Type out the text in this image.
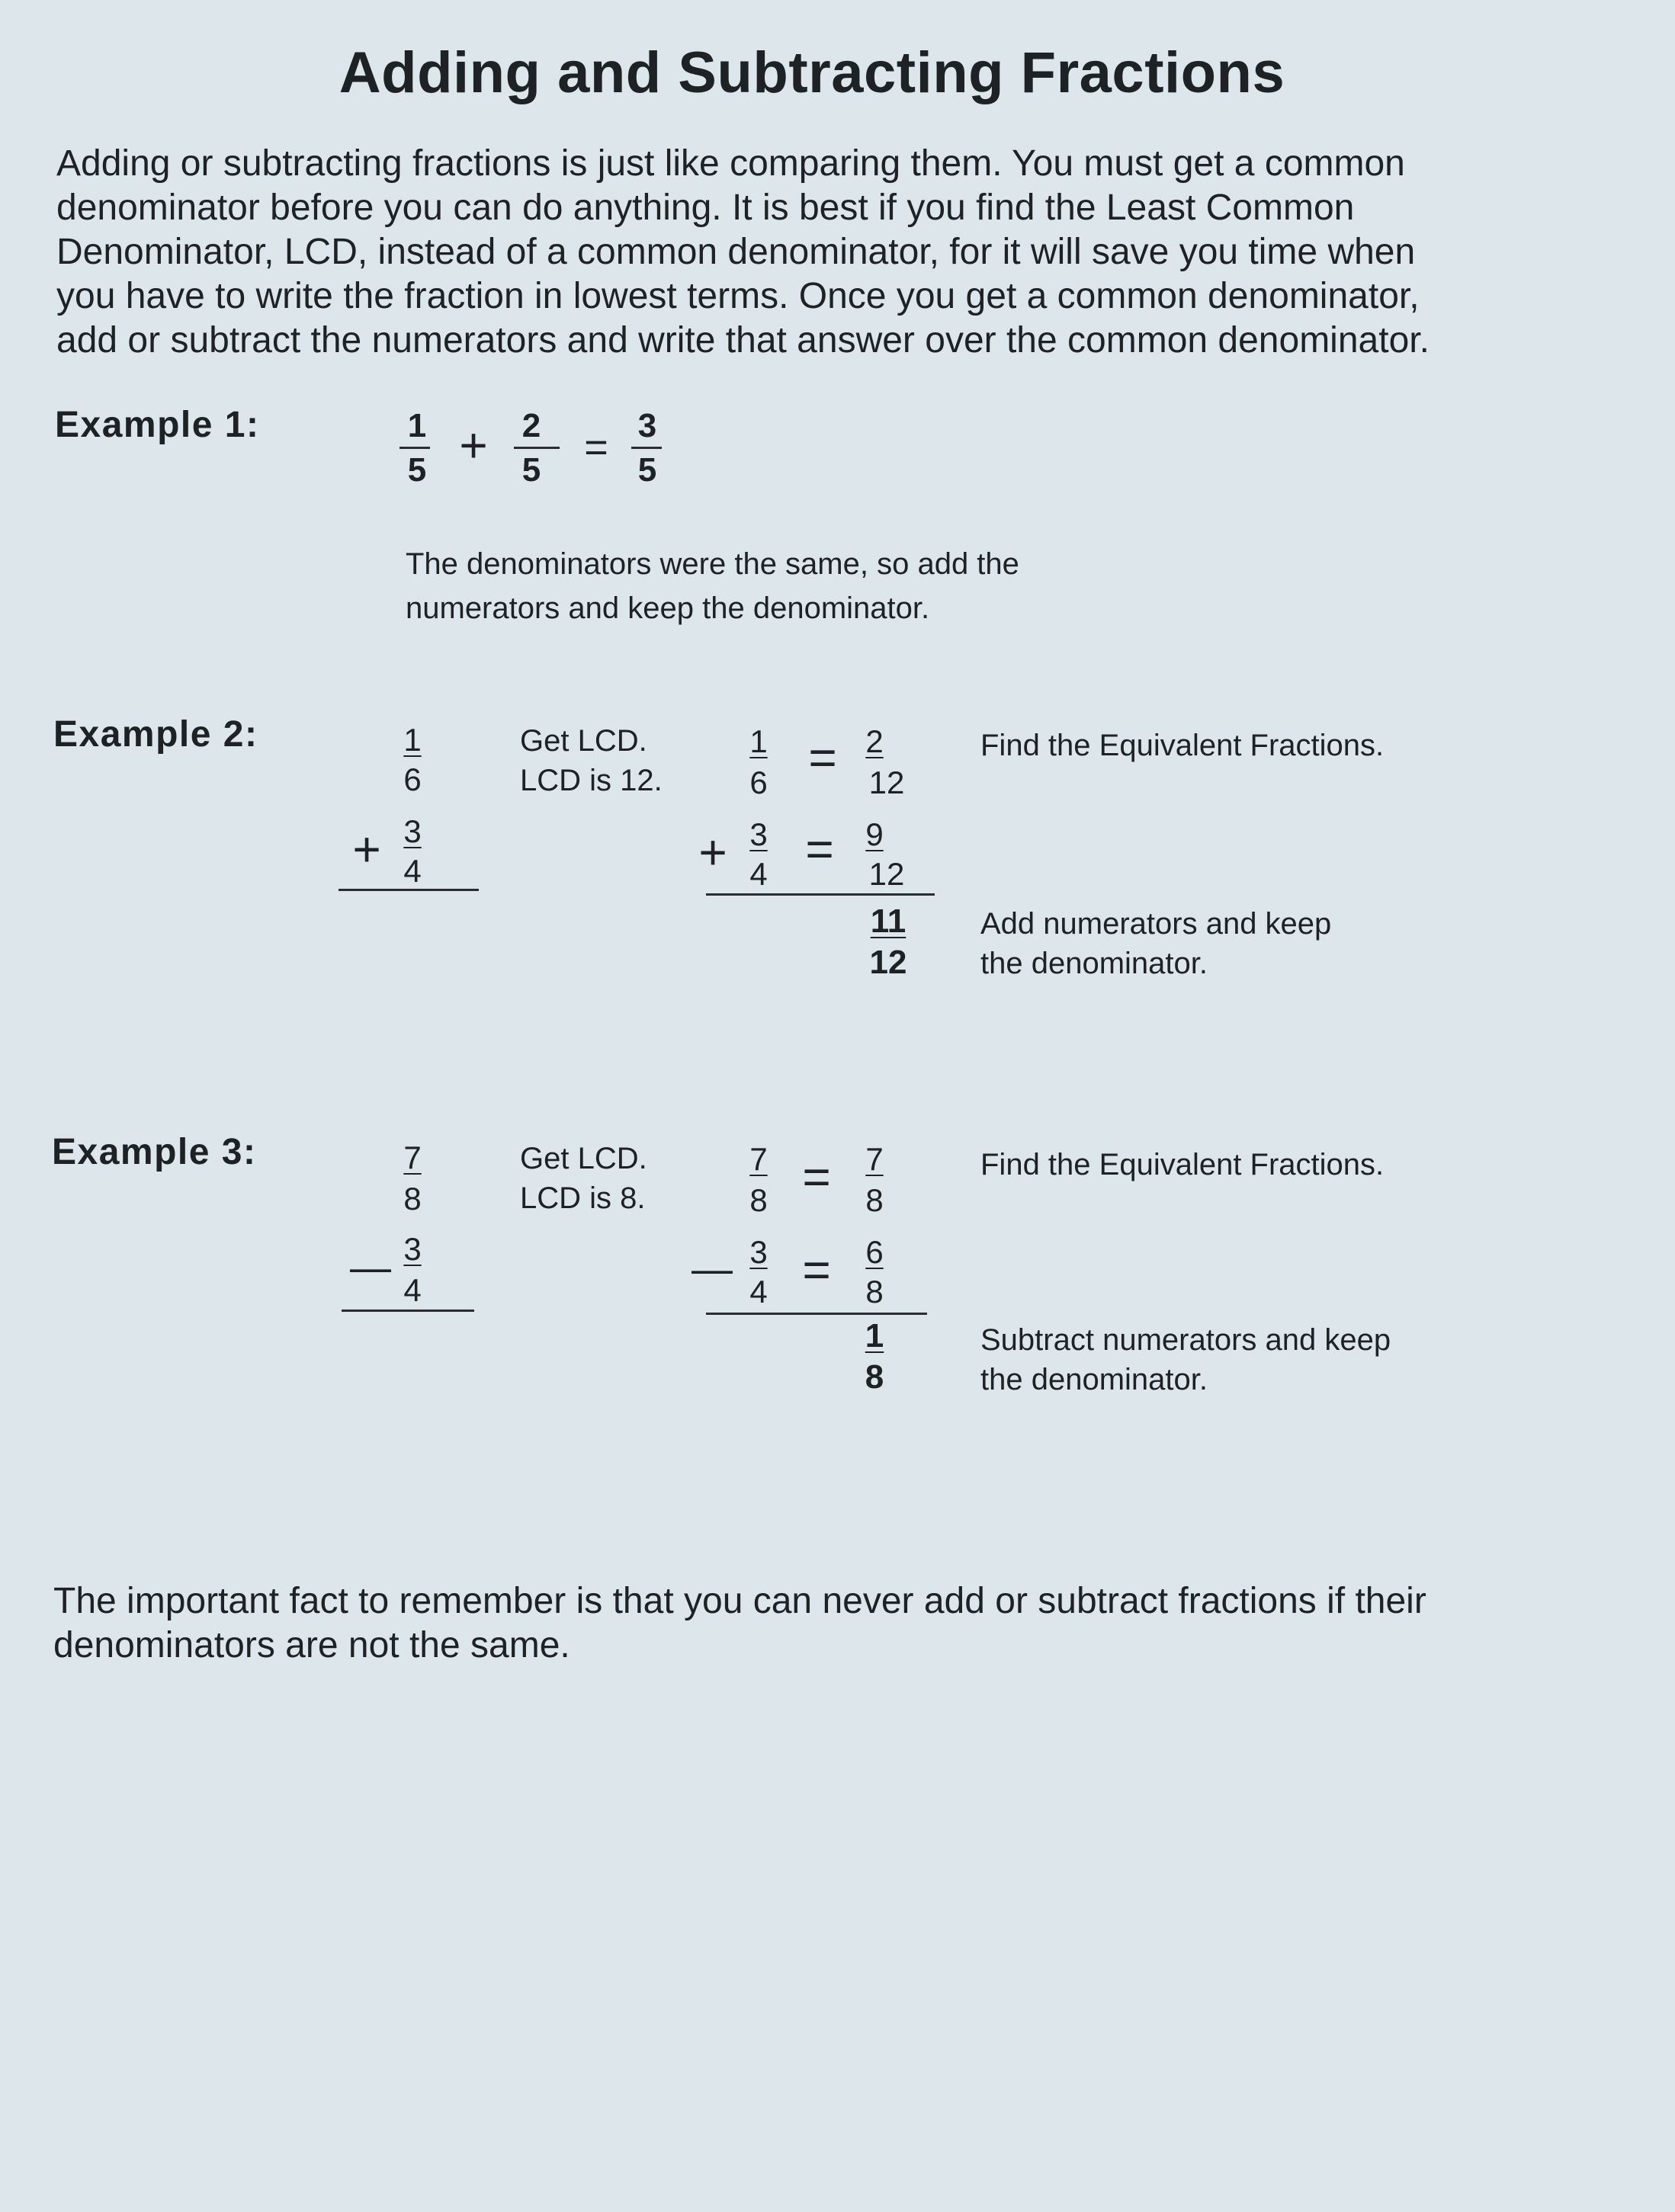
Adding and Subtracting Fractions
Adding or subtracting fractions is just like comparing them. You must get a common
denominator before you can do anything. It is best if you find the Least Common
Denominator, LCD, instead of a common denominator, for it will save you time when
you have to write the fraction in lowest terms. Once you get a common denominator,
add or subtract the numerators and write that answer over the common denominator.
Example 1:	1
5 +	2
5	= 3
5
The denominators were the same, so add the
numerators and keep the denominator.
Example 2:	1
6
+ 3
4
Get LCD.
LCD is 12.
1
6 = 2
12
+ 3
4 = 9
12
11
12
Find the Equivalent Fractions.
Add numerators and keep
the denominator.
Example 3:	7
8
— 3
4
Get LCD.
LCD is 8.
7
8 =	7
8
— 3
4 =	6
8
1
8
Find the Equivalent Fractions.
Subtract numerators and keep
the denominator.
The important fact to remember is that you can never add or subtract fractions if their
denominators are not the same.
